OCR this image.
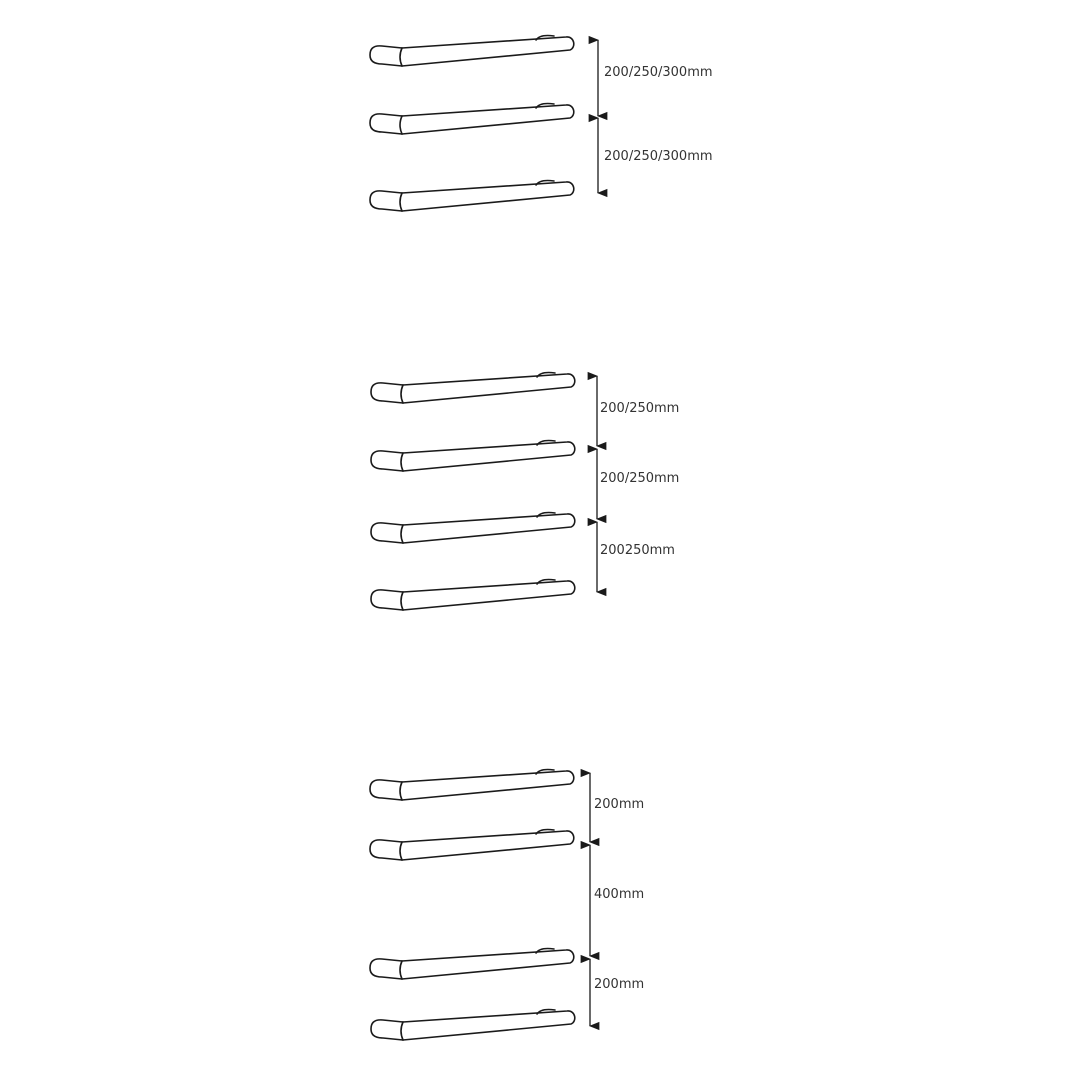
200/250/300mm
200/250/300mm
200/250mm
200/250mm
200250mm
200mm
400mm
200mm
